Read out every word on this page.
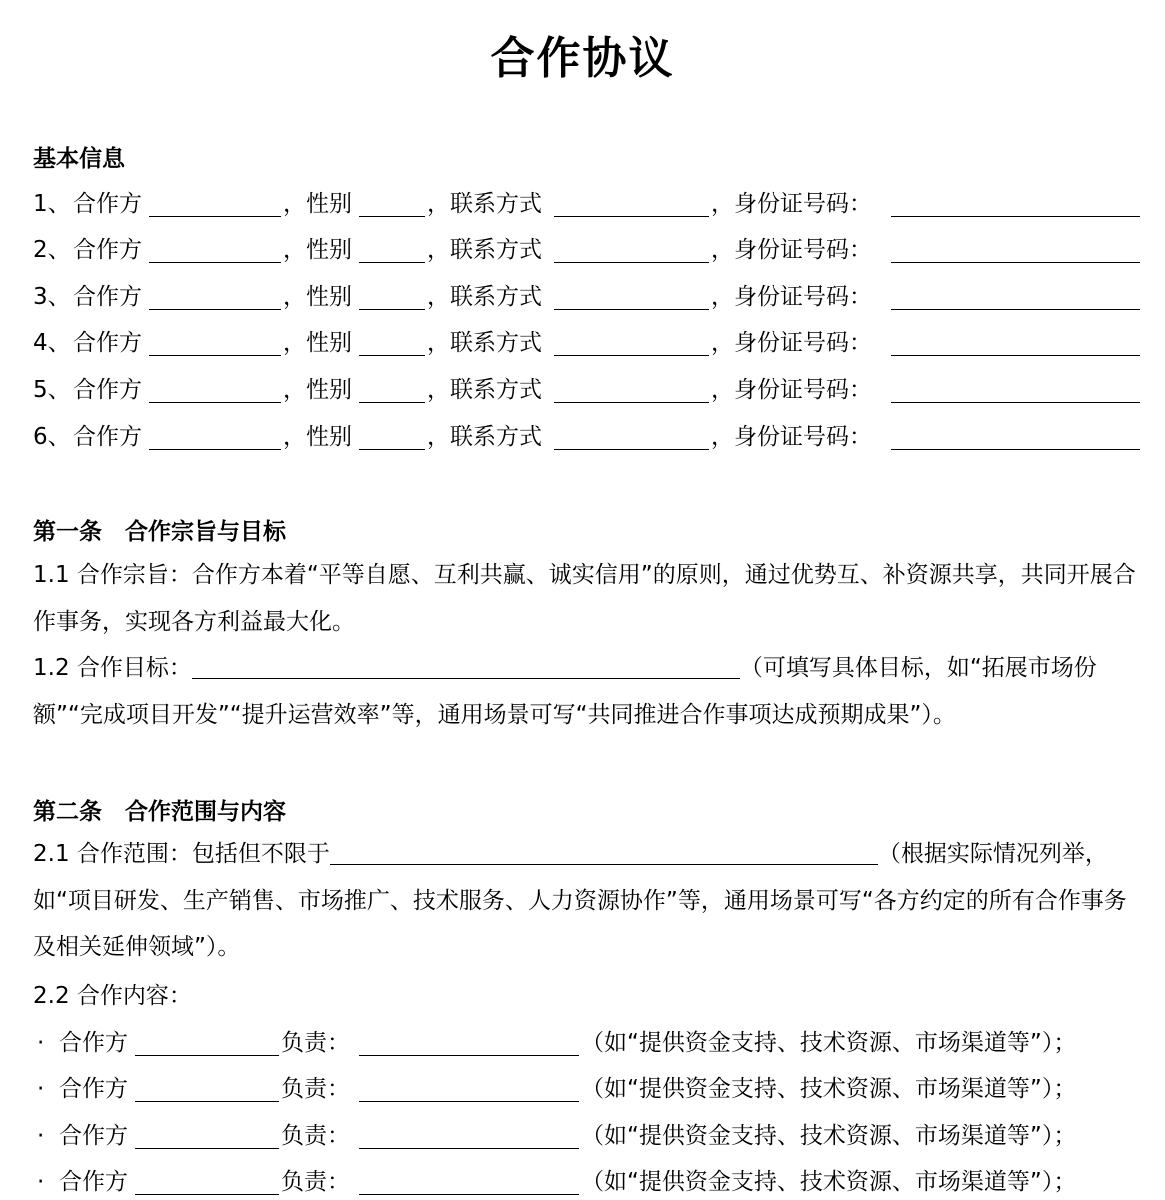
合作协议
基本信息
1、 合作方	，性别	，联系方式	，身份证号码：
2、 合作方	，性别	，联系方式	，身份证号码：
3、 合作方	，性别	，联系方式	，身份证号码：
4、 合作方	，性别	，联系方式	，身份证号码：
5、 合作方	，性别	，联系方式	，身份证号码：
6、 合作方	，性别	，联系方式	，身份证号码：
第一条　合作宗旨与目标

1.1 合作宗旨：合作方本着“平等自愿、互利共赢、诚实信用”的原则，通过优势互、补资源共享，共同开展合作事务，实现各方利益最大化。

1.2 合作目标：	（可填写具体目标，如“拓展市场份额”“完成项目开发”“提升运营效率”等，通用场景可写“共同推进合作事项达成预期成果”）。

第二条　合作范围与内容

2.1 合作范围：包括但不限于	（根据实际情况列举，如“项目研发、生产销售、市场推广、技术服务、人力资源协作”等，通用场景可写“各方约定的所有合作事务及相关延伸领域”）。

2.2 合作内容：
· 合作方	负责：	（如“提供资金支持、技术资源、市场渠道等”）；
· 合作方	负责：	（如“提供资金支持、技术资源、市场渠道等”）；
· 合作方	负责：	（如“提供资金支持、技术资源、市场渠道等”）；
· 合作方	负责：	（如“提供资金支持、技术资源、市场渠道等”）；
